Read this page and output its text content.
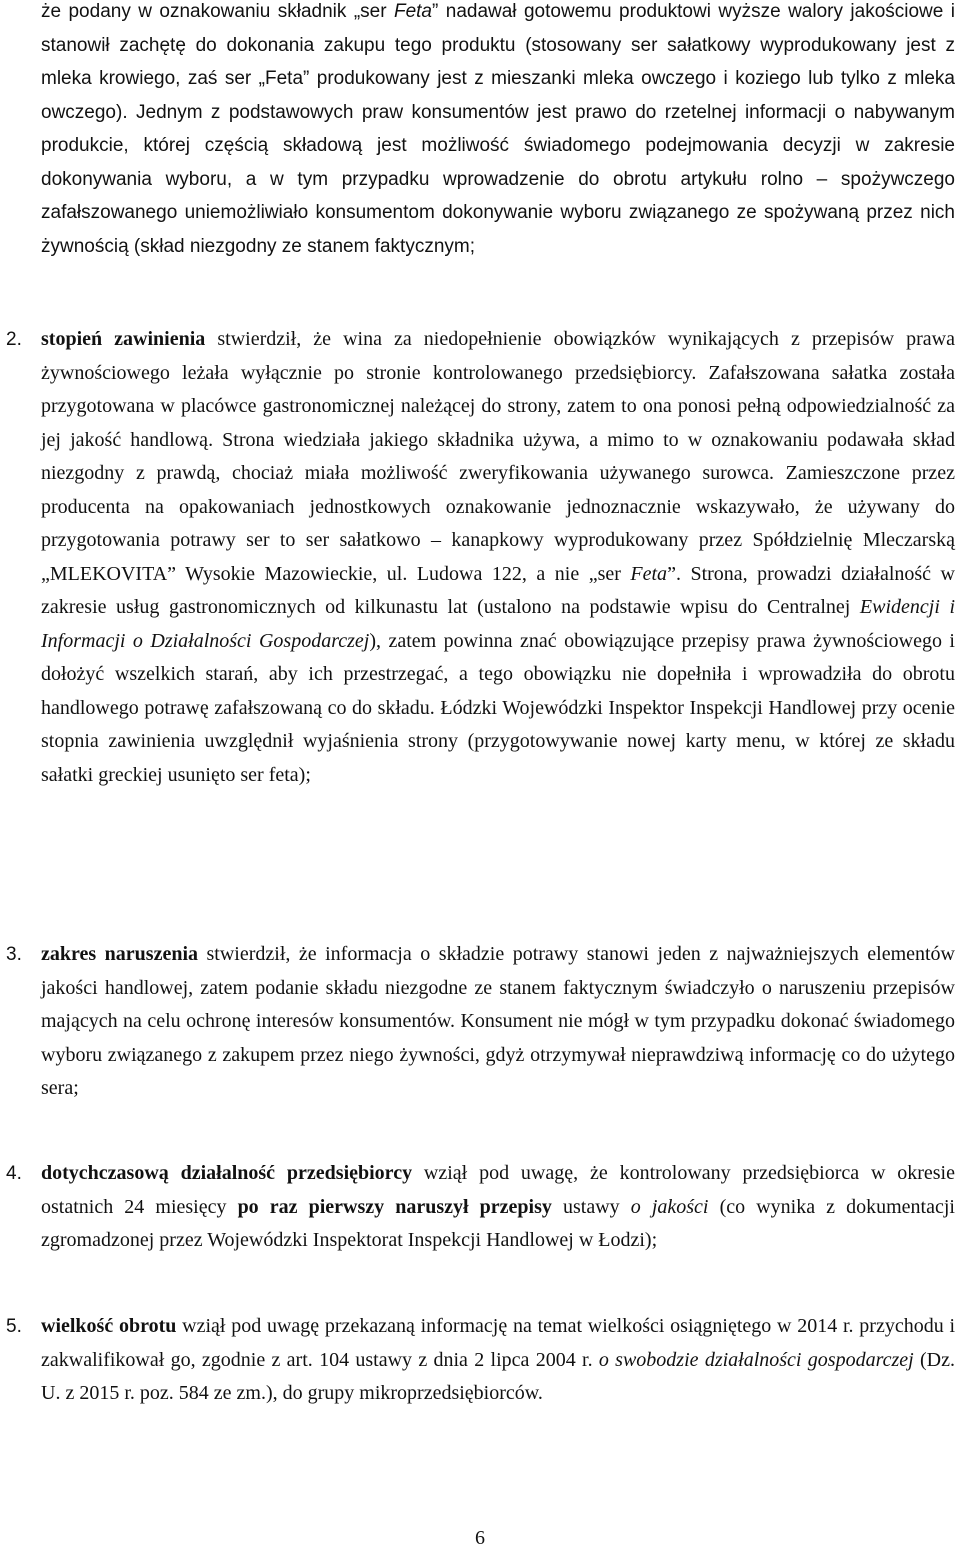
że podany w oznakowaniu składnik „ser Feta” nadawał gotowemu produktowi wyższe walory jakościowe i stanowił zachętę do dokonania zakupu tego produktu (stosowany ser sałatkowy wyprodukowany jest z mleka krowiego, zaś ser „Feta” produkowany jest z mieszanki mleka owczego i koziego lub tylko z mleka owczego). Jednym z podstawowych praw konsumentów jest prawo do rzetelnej informacji o nabywanym produkcie, której częścią składową jest możliwość świadomego podejmowania decyzji w zakresie dokonywania wyboru, a w tym przypadku wprowadzenie do obrotu artykułu rolno – spożywczego zafałszowanego uniemożliwiało konsumentom dokonywanie wyboru związanego ze spożywaną przez nich żywnością (skład niezgodny ze stanem faktycznym;

2. stopień zawinienia stwierdził, że wina za niedopełnienie obowiązków wynikających z przepisów prawa żywnościowego leżała wyłącznie po stronie kontrolowanego przedsiębiorcy. Zafałszowana sałatka została przygotowana w placówce gastronomicznej należącej do strony, zatem to ona ponosi pełną odpowiedzialność za jej jakość handlową. Strona wiedziała jakiego składnika używa, a mimo to w oznakowaniu podawała skład niezgodny z prawdą, chociaż miała możliwość zweryfikowania używanego surowca. Zamieszczone przez producenta na opakowaniach jednostkowych oznakowanie jednoznacznie wskazywało, że używany do przygotowania potrawy ser to ser sałatkowo – kanapkowy wyprodukowany przez Spółdzielnię Mleczarską „MLEKOVITA” Wysokie Mazowieckie, ul. Ludowa 122, a nie „ser Feta”. Strona, prowadzi działalność w zakresie usług gastronomicznych od kilkunastu lat (ustalono na podstawie wpisu do Centralnej Ewidencji i Informacji o Działalności Gospodarczej), zatem powinna znać obowiązujące przepisy prawa żywnościowego i dołożyć wszelkich starań, aby ich przestrzegać, a tego obowiązku nie dopełniła i wprowadziła do obrotu handlowego potrawę zafałszowaną co do składu. Łódzki Wojewódzki Inspektor Inspekcji Handlowej przy ocenie stopnia zawinienia uwzględnił wyjaśnienia strony (przygotowywanie nowej karty menu, w której ze składu sałatki greckiej usunięto ser feta);

3. zakres naruszenia stwierdził, że informacja o składzie potrawy stanowi jeden z najważniejszych elementów jakości handlowej, zatem podanie składu niezgodne ze stanem faktycznym świadczyło o naruszeniu przepisów mających na celu ochronę interesów konsumentów. Konsument nie mógł w tym przypadku dokonać świadomego wyboru związanego z zakupem przez niego żywności, gdyż otrzymywał nieprawdziwą informację co do użytego sera;

4. dotychczasową działalność przedsiębiorcy wziął pod uwagę, że kontrolowany przedsiębiorca w okresie ostatnich 24 miesięcy po raz pierwszy naruszył przepisy ustawy o jakości (co wynika z dokumentacji zgromadzonej przez Wojewódzki Inspektorat Inspekcji Handlowej w Łodzi);

5. wielkość obrotu wziął pod uwagę przekazaną informację na temat wielkości osiągniętego w 2014 r. przychodu i zakwalifikował go, zgodnie z art. 104 ustawy z dnia 2 lipca 2004 r. o swobodzie działalności gospodarczej (Dz. U. z 2015 r. poz. 584 ze zm.), do grupy mikroprzedsiębiorców.

6
